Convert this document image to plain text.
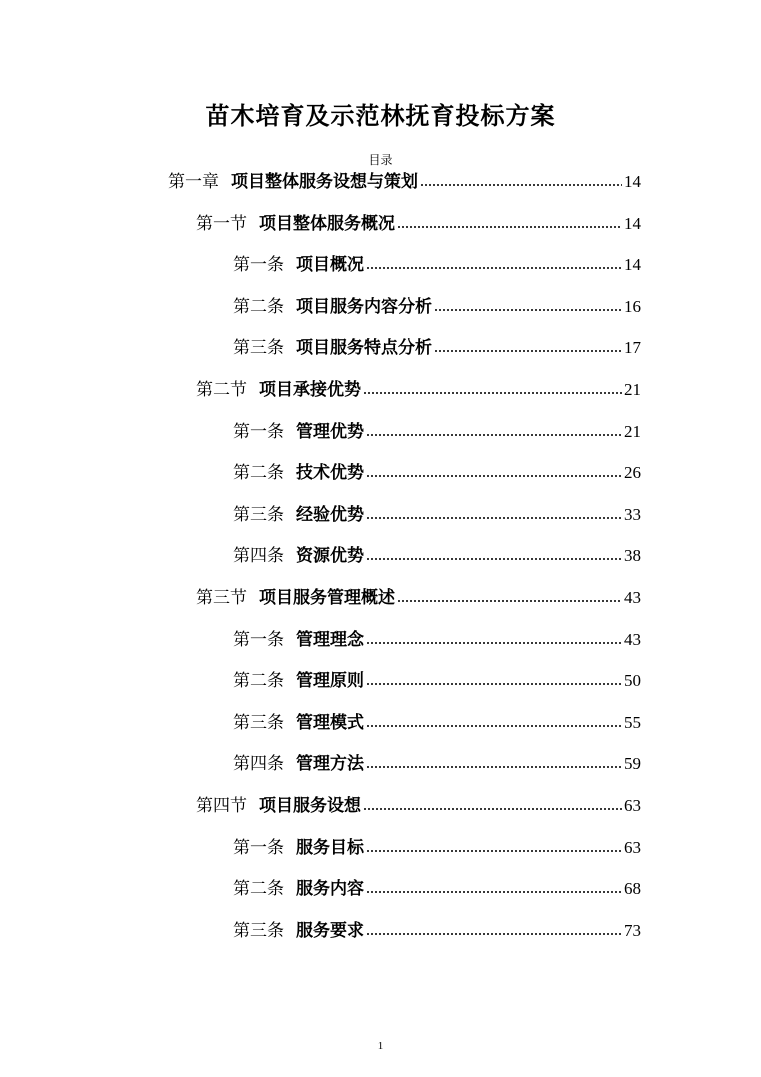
苗木培育及示范林抚育投标方案
目录
第一章 项目整体服务设想与策划	14
第一节 项目整体服务概况	14
第一条 项目概况	14
第二条 项目服务内容分析	16
第三条 项目服务特点分析	17
第二节 项目承接优势	21
第一条 管理优势	21
第二条 技术优势	26
第三条 经验优势	33
第四条 资源优势	38
第三节 项目服务管理概述	43
第一条 管理理念	43
第二条 管理原则	50
第三条 管理模式	55
第四条 管理方法	59
第四节 项目服务设想	63
第一条 服务目标	63
第二条 服务内容	68
第三条 服务要求	73
1
